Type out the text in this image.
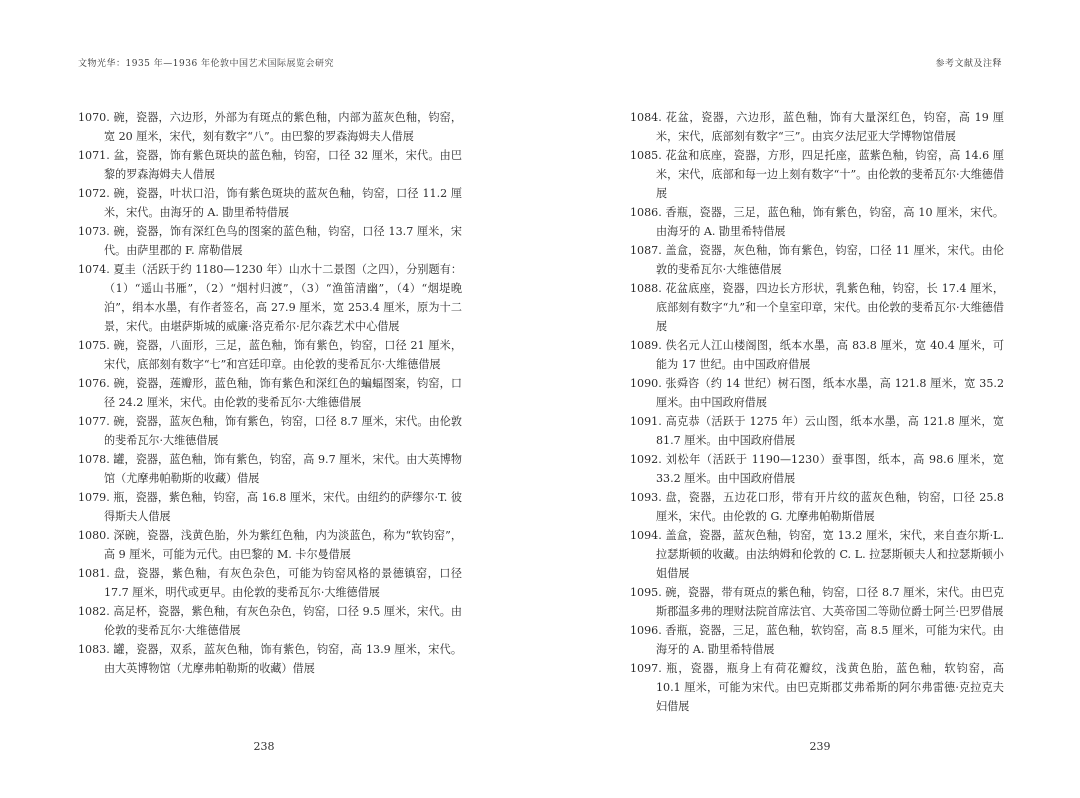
文物光华：1935 年—1936 年伦敦中国艺术国际展览会研究
1070. 碗，瓷器，六边形，外部为有斑点的紫色釉，内部为蓝灰色釉，钧窑，宽 20 厘米，宋代，刻有数字“八”。由巴黎的罗森海姆夫人借展
1071. 盆，瓷器，饰有紫色斑块的蓝色釉，钧窑，口径 32 厘米，宋代。由巴黎的罗森海姆夫人借展
1072. 碗，瓷器，叶状口沿，饰有紫色斑块的蓝灰色釉，钧窑，口径 11.2 厘米，宋代。由海牙的 A. 勖里希特借展
1073. 碗，瓷器，饰有深红色鸟的图案的蓝色釉，钧窑，口径 13.7 厘米，宋代。由萨里郡的 F. 席勒借展
1074. 夏圭（活跃于约 1180—1230 年）山水十二景图（之四），分别题有：（1）“遥山书雁”，（2）“烟村归渡”，（3）“渔笛清幽”，（4）“烟堤晚泊”，绢本水墨，有作者签名，高 27.9 厘米，宽 253.4 厘米，原为十二景，宋代。由堪萨斯城的威廉·洛克希尔·尼尔森艺术中心借展
1075. 碗，瓷器，八面形，三足，蓝色釉，饰有紫色，钧窑，口径 21 厘米，宋代，底部刻有数字“七”和宫廷印章。由伦敦的斐希瓦尔·大维德借展
1076. 碗，瓷器，莲瓣形，蓝色釉，饰有紫色和深红色的蝙蝠图案，钧窑，口径 24.2 厘米，宋代。由伦敦的斐希瓦尔·大维德借展
1077. 碗，瓷器，蓝灰色釉，饰有紫色，钧窑，口径 8.7 厘米，宋代。由伦敦的斐希瓦尔·大维德借展
1078. 罐，瓷器，蓝色釉，饰有紫色，钧窑，高 9.7 厘米，宋代。由大英博物馆（尤摩弗帕勒斯的收藏）借展
1079. 瓶，瓷器，紫色釉，钧窑，高 16.8 厘米，宋代。由纽约的萨缪尔·T. 彼得斯夫人借展
1080. 深碗，瓷器，浅黄色胎，外为紫红色釉，内为淡蓝色，称为“软钧窑”，高 9 厘米，可能为元代。由巴黎的 M. 卡尔曼借展
1081. 盘，瓷器，紫色釉，有灰色杂色，可能为钧窑风格的景德镇窑，口径 17.7 厘米，明代或更早。由伦敦的斐希瓦尔·大维德借展
1082. 高足杯，瓷器，紫色釉，有灰色杂色，钧窑，口径 9.5 厘米，宋代。由伦敦的斐希瓦尔·大维德借展
1083. 罐，瓷器，双系，蓝灰色釉，饰有紫色，钧窑，高 13.9 厘米，宋代。由大英博物馆（尤摩弗帕勒斯的收藏）借展
238
参考文献及注释
1084. 花盆，瓷器，六边形，蓝色釉，饰有大量深红色，钧窑，高 19 厘米，宋代，底部刻有数字“三”。由宾夕法尼亚大学博物馆借展
1085. 花盆和底座，瓷器，方形，四足托座，蓝紫色釉，钧窑，高 14.6 厘米，宋代，底部和每一边上刻有数字“十”。由伦敦的斐希瓦尔·大维德借展
1086. 香瓶，瓷器，三足，蓝色釉，饰有紫色，钧窑，高 10 厘米，宋代。由海牙的 A. 勖里希特借展
1087. 盖盒，瓷器，灰色釉，饰有紫色，钧窑，口径 11 厘米，宋代。由伦敦的斐希瓦尔·大维德借展
1088. 花盆底座，瓷器，四边长方形状，乳紫色釉，钧窑，长 17.4 厘米，底部刻有数字“九”和一个皇室印章，宋代。由伦敦的斐希瓦尔·大维德借展
1089. 佚名元人江山楼阁图，纸本水墨，高 83.8 厘米，宽 40.4 厘米，可能为 17 世纪。由中国政府借展
1090. 张舜咨（约 14 世纪）树石图，纸本水墨，高 121.8 厘米，宽 35.2 厘米。由中国政府借展
1091. 高克恭（活跃于 1275 年）云山图，纸本水墨，高 121.8 厘米，宽 81.7 厘米。由中国政府借展
1092. 刘松年（活跃于 1190—1230）蚕事图，纸本，高 98.6 厘米，宽 33.2 厘米。由中国政府借展
1093. 盘，瓷器，五边花口形，带有开片纹的蓝灰色釉，钧窑，口径 25.8 厘米，宋代。由伦敦的 G. 尤摩弗帕勒斯借展
1094. 盖盒，瓷器，蓝灰色釉，钧窑，宽 13.2 厘米，宋代，来自查尔斯·L. 拉瑟斯顿的收藏。由法纳姆和伦敦的 C. L. 拉瑟斯顿夫人和拉瑟斯顿小姐借展
1095. 碗，瓷器，带有斑点的紫色釉，钧窑，口径 8.7 厘米，宋代。由巴克斯郡温多弗的理财法院首席法官、大英帝国二等勋位爵士阿兰·巴罗借展
1096. 香瓶，瓷器，三足，蓝色釉，软钧窑，高 8.5 厘米，可能为宋代。由海牙的 A. 勖里希特借展
1097. 瓶，瓷器，瓶身上有荷花瓣纹，浅黄色胎，蓝色釉，软钧窑，高 10.1 厘米，可能为宋代。由巴克斯郡艾弗希斯的阿尔弗雷德·克拉克夫妇借展
239
